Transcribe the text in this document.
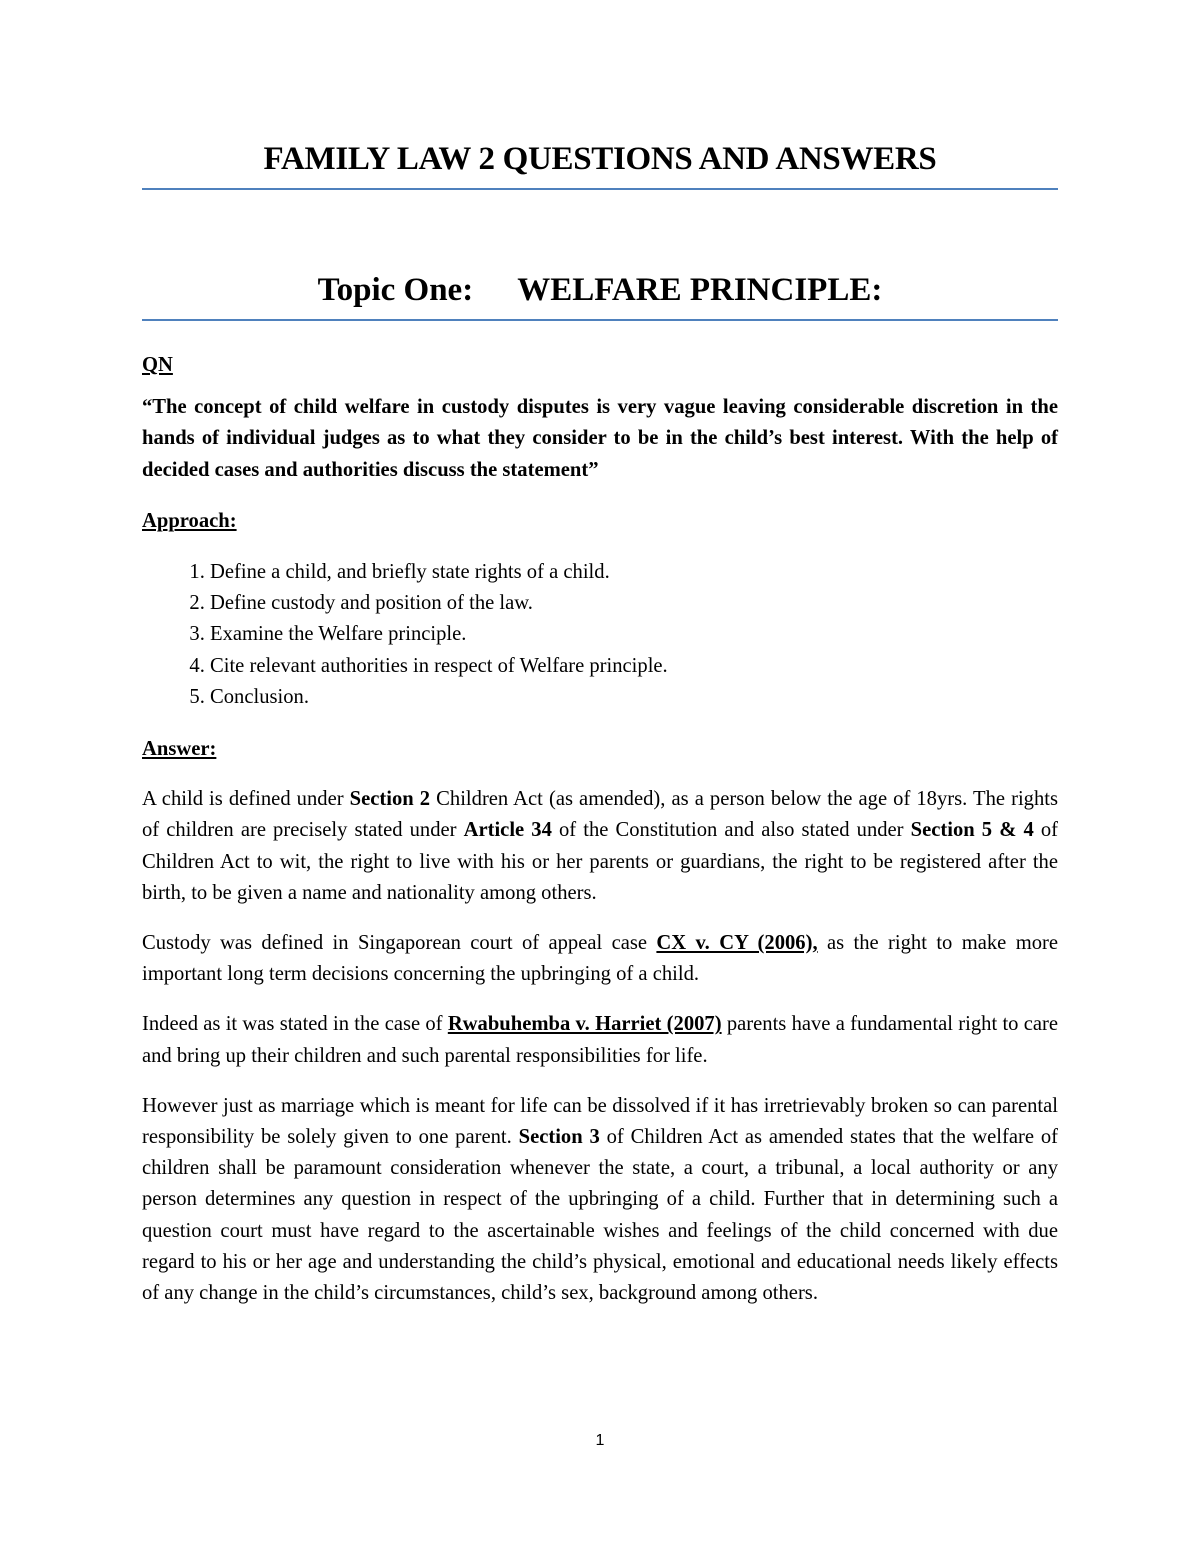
FAMILY LAW 2 QUESTIONS AND ANSWERS
Topic One: WELFARE PRINCIPLE:

QN

“The concept of child welfare in custody disputes is very vague leaving considerable discretion in the hands of individual judges as to what they consider to be in the child’s best interest. With the help of decided cases and authorities discuss the statement”

Approach:

1. Define a child, and briefly state rights of a child.
2. Define custody and position of the law.
3. Examine the Welfare principle.
4. Cite relevant authorities in respect of Welfare principle.
5. Conclusion.

Answer:

A child is defined under Section 2 Children Act (as amended), as a person below the age of 18yrs. The rights of children are precisely stated under Article 34 of the Constitution and also stated under Section 5 & 4 of Children Act to wit, the right to live with his or her parents or guardians, the right to be registered after the birth, to be given a name and nationality among others.

Custody was defined in Singaporean court of appeal case CX v. CY (2006), as the right to make more important long term decisions concerning the upbringing of a child.

Indeed as it was stated in the case of Rwabuhemba v. Harriet (2007) parents have a fundamental right to care and bring up their children and such parental responsibilities for life.

However just as marriage which is meant for life can be dissolved if it has irretrievably broken so can parental responsibility be solely given to one parent. Section 3 of Children Act as amended states that the welfare of children shall be paramount consideration whenever the state, a court, a tribunal, a local authority or any person determines any question in respect of the upbringing of a child. Further that in determining such a question court must have regard to the ascertainable wishes and feelings of the child concerned with due regard to his or her age and understanding the child’s physical, emotional and educational needs likely effects of any change in the child’s circumstances, child’s sex, background among others.

1
